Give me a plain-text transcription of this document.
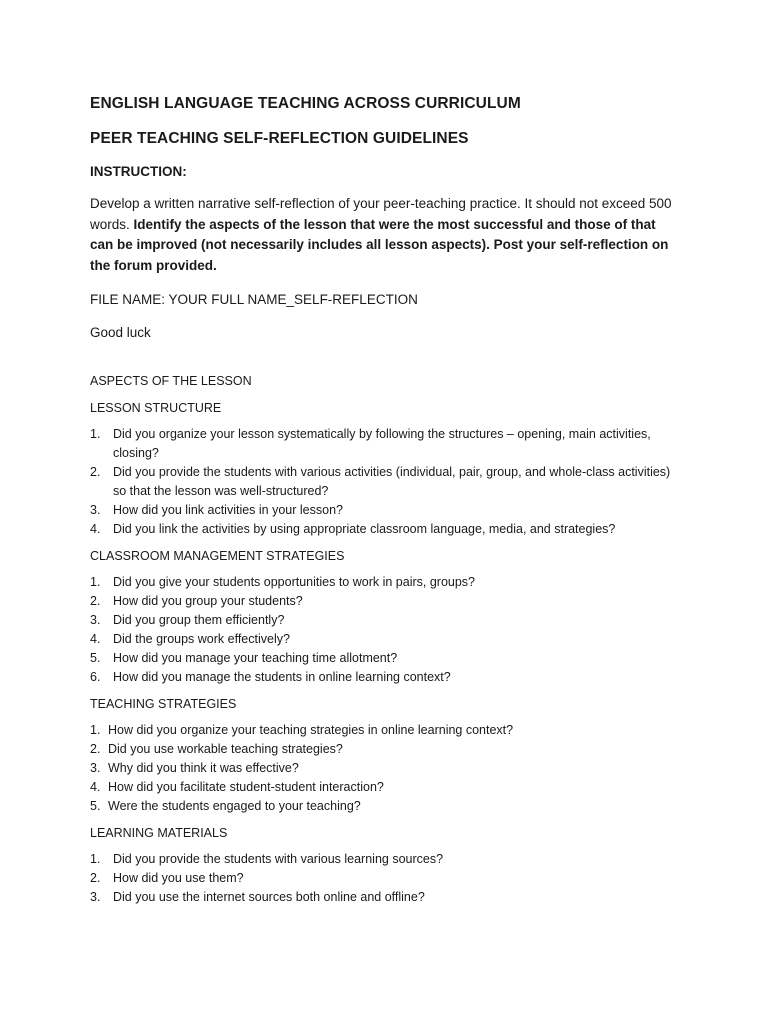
ENGLISH LANGUAGE TEACHING ACROSS CURRICULUM
PEER TEACHING SELF-REFLECTION GUIDELINES
INSTRUCTION:

Develop a written narrative self-reflection of your peer-teaching practice. It should not exceed 500 words. Identify the aspects of the lesson that were the most successful and those of that can be improved (not necessarily includes all lesson aspects). Post your self-reflection on the forum provided.

FILE NAME: YOUR FULL NAME_SELF-REFLECTION
Good luck
ASPECTS OF THE LESSON
LESSON STRUCTURE
1. Did you organize your lesson systematically by following the structures – opening, main activities, closing?
2. Did you provide the students with various activities (individual, pair, group, and whole-class activities) so that the lesson was well-structured?
3. How did you link activities in your lesson?
4. Did you link the activities by using appropriate classroom language, media, and strategies?
CLASSROOM MANAGEMENT STRATEGIES
1. Did you give your students opportunities to work in pairs, groups?
2. How did you group your students?
3. Did you group them efficiently?
4. Did the groups work effectively?
5. How did you manage your teaching time allotment?
6. How did you manage the students in online learning context?
TEACHING STRATEGIES
1. How did you organize your teaching strategies in online learning context?
2. Did you use workable teaching strategies?
3. Why did you think it was effective?
4. How did you facilitate student-student interaction?
5. Were the students engaged to your teaching?
LEARNING MATERIALS
1. Did you provide the students with various learning sources?
2. How did you use them?
3. Did you use the internet sources both online and offline?
